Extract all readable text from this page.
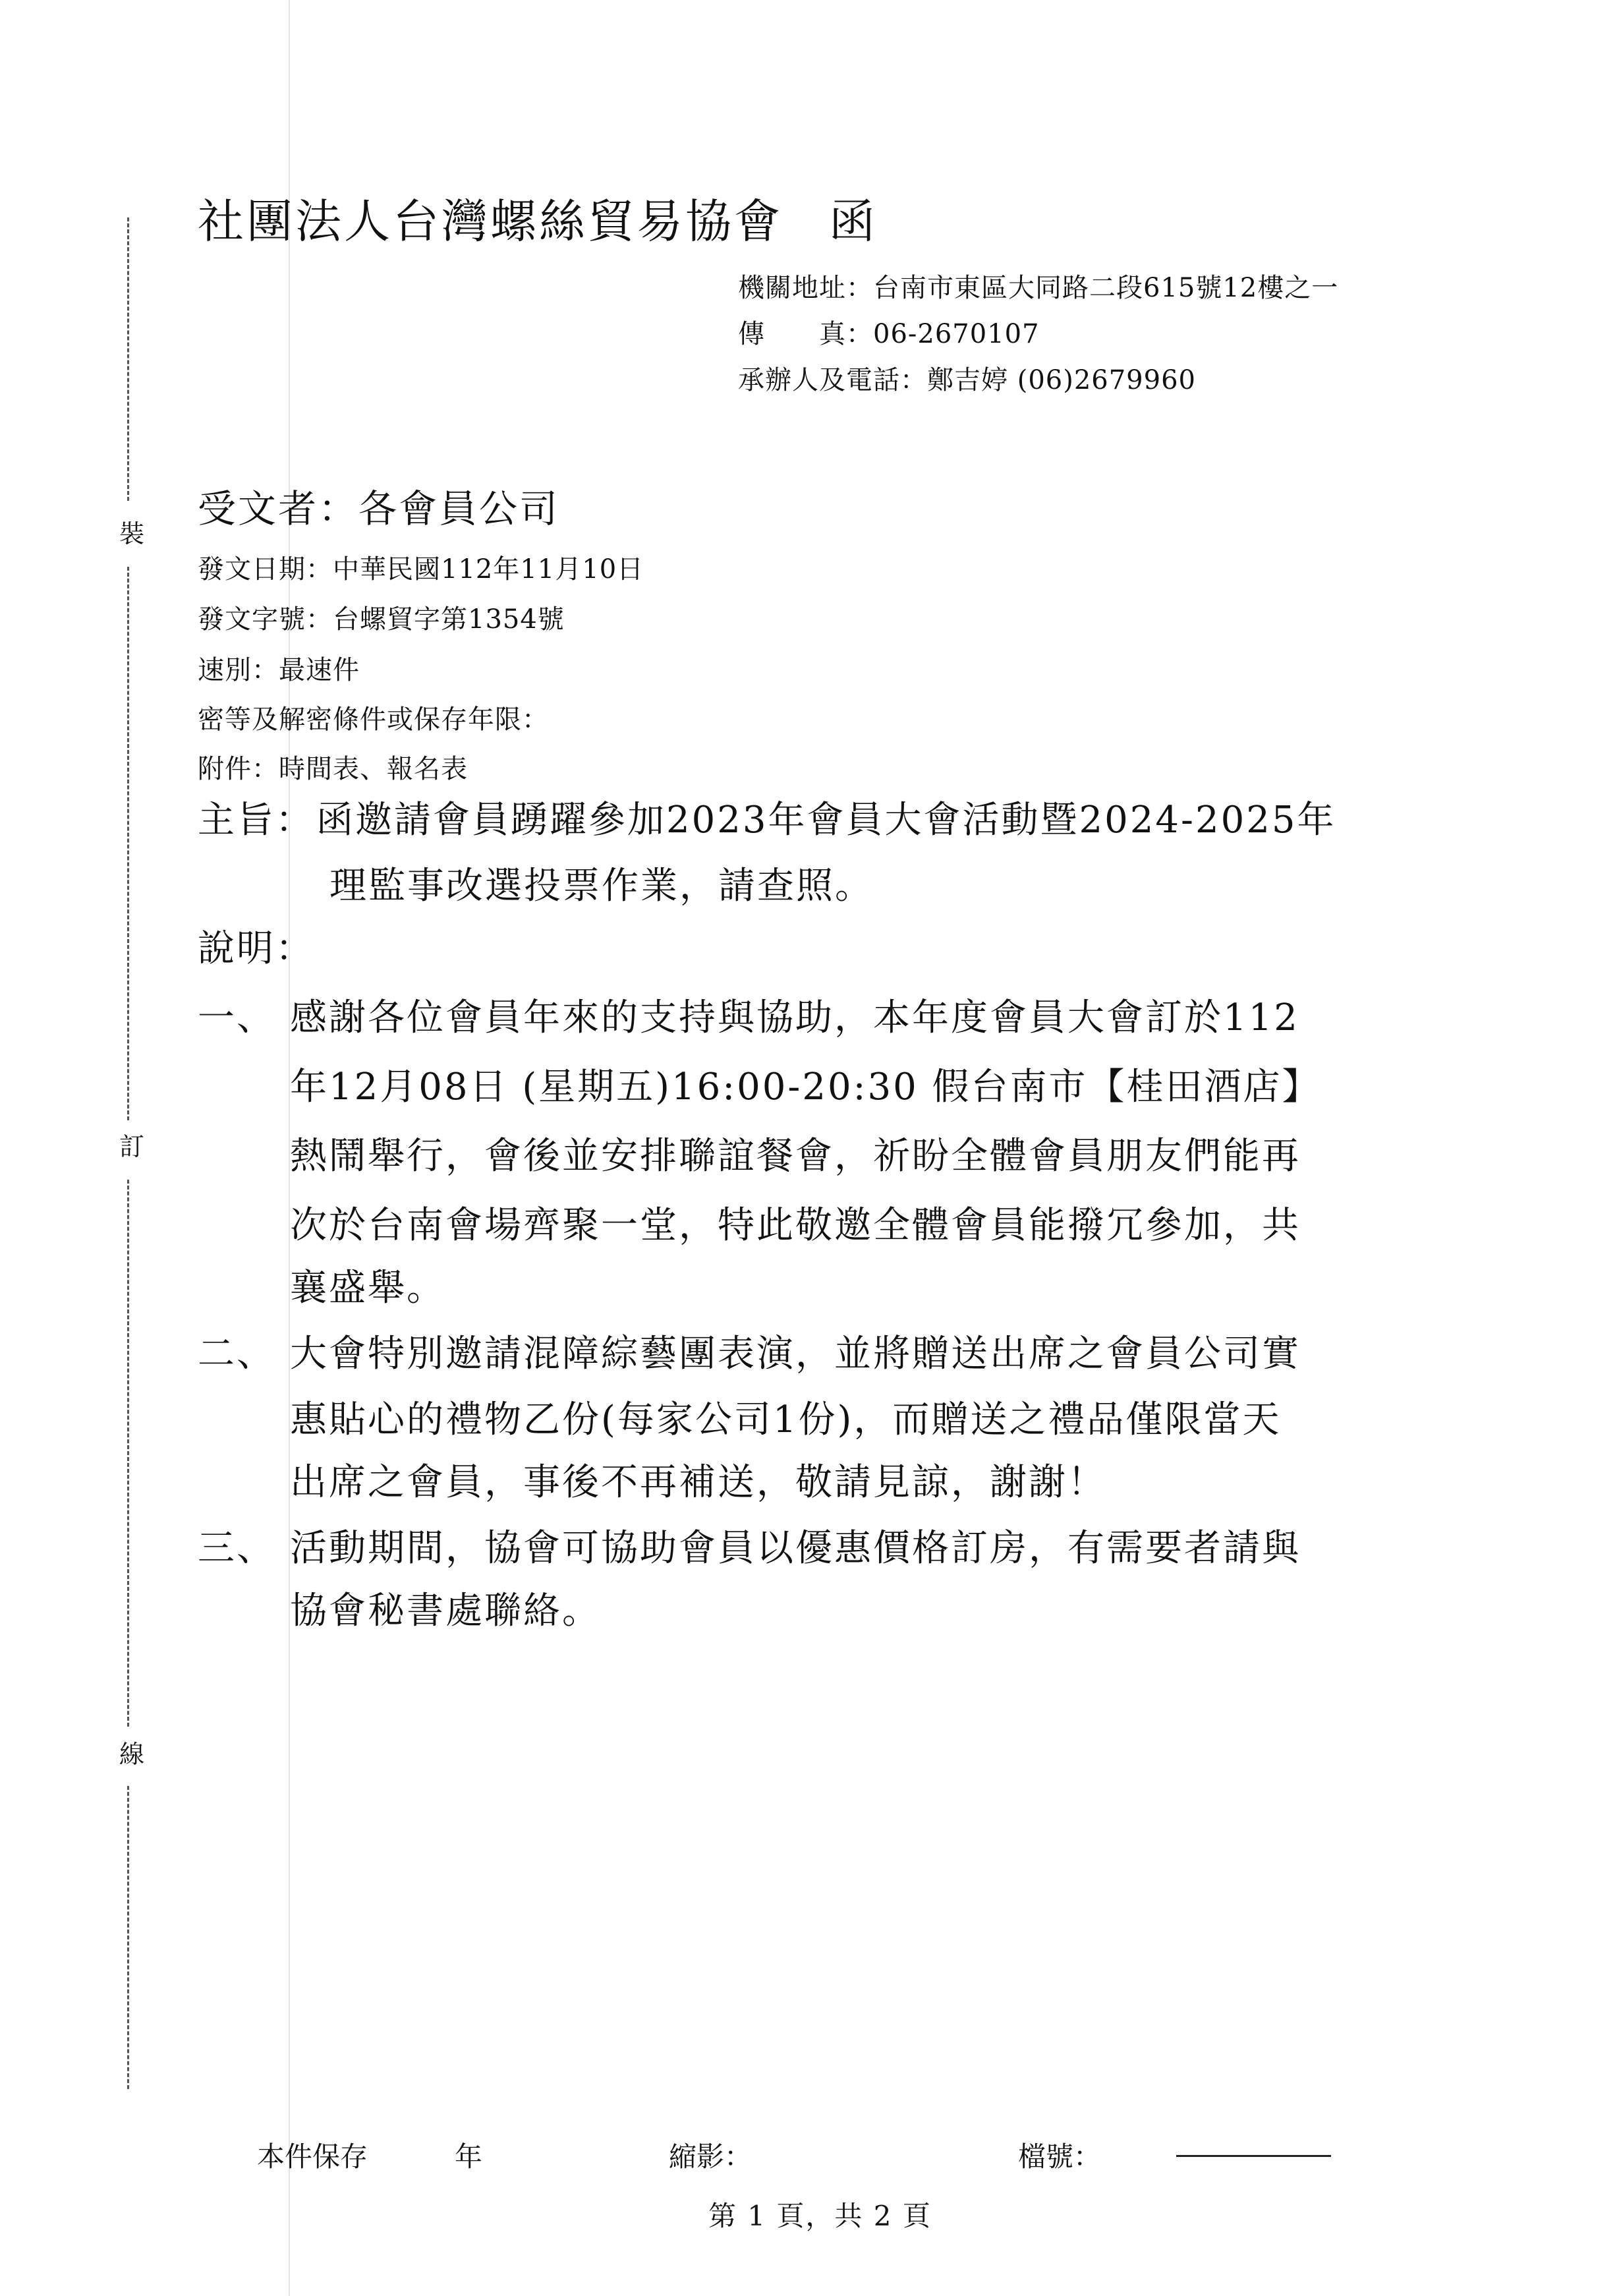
裝
訂
線
社團法人台灣螺絲貿易協會 函
機關地址：台南市東區大同路二段615號12樓之一
傳　　真：06-2670107
承辦人及電話：鄭吉婷 (06)2679960
受文者：各會員公司
發文日期：中華民國112年11月10日
發文字號：台螺貿字第1354號
速別：最速件
密等及解密條件或保存年限：
附件：時間表、報名表
主旨： 函邀請會員踴躍參加2023年會員大會活動暨2024-2025年
理監事改選投票作業，請查照。
說明：
一、 感謝各位會員年來的支持與協助，本年度會員大會訂於112
年12月08日 (星期五)16:00-20:30 假台南市【桂田酒店】
熱鬧舉行，會後並安排聯誼餐會，祈盼全體會員朋友們能再
次於台南會場齊聚一堂，特此敬邀全體會員能撥冗參加，共
襄盛舉。
二、 大會特別邀請混障綜藝團表演，並將贈送出席之會員公司實
惠貼心的禮物乙份(每家公司1份)，而贈送之禮品僅限當天
出席之會員，事後不再補送，敬請見諒，謝謝！
三、 活動期間，協會可協助會員以優惠價格訂房，有需要者請與
協會秘書處聯絡。
本件保存	年	縮影：	檔號：
第 1 頁，共 2 頁
